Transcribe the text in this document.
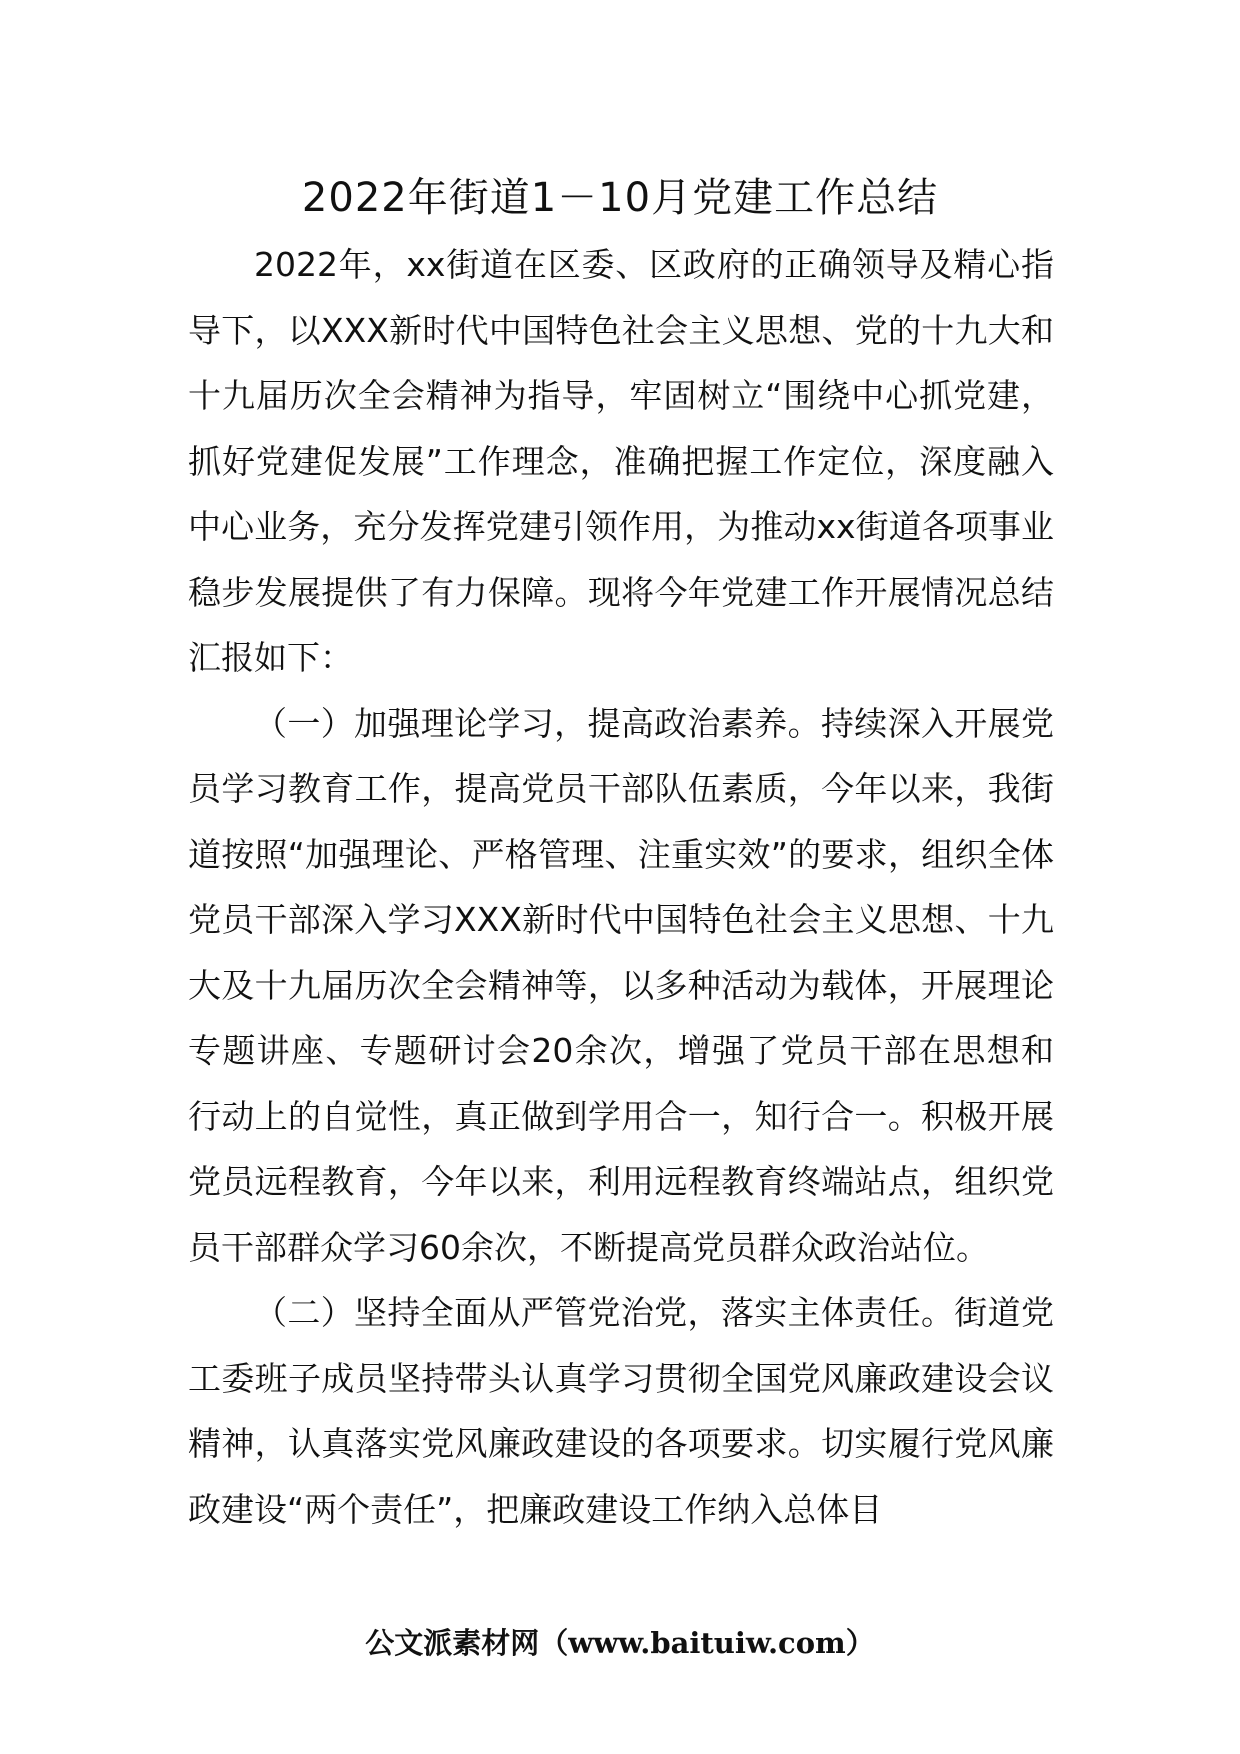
2022年街道1－10月党建工作总结

2022年，xx街道在区委、区政府的正确领导及精心指导下，以XXX新时代中国特色社会主义思想、党的十九大和十九届历次全会精神为指导，牢固树立“围绕中心抓党建，抓好党建促发展”工作理念，准确把握工作定位，深度融入中心业务，充分发挥党建引领作用，为推动xx街道各项事业稳步发展提供了有力保障。现将今年党建工作开展情况总结汇报如下：

（一）加强理论学习，提高政治素养。持续深入开展党员学习教育工作，提高党员干部队伍素质，今年以来，我街道按照“加强理论、严格管理、注重实效”的要求，组织全体党员干部深入学习XXX新时代中国特色社会主义思想、十九大及十九届历次全会精神等，以多种活动为载体，开展理论专题讲座、专题研讨会20余次，增强了党员干部在思想和行动上的自觉性，真正做到学用合一，知行合一。积极开展党员远程教育，今年以来，利用远程教育终端站点，组织党员干部群众学习60余次，不断提高党员群众政治站位。

（二）坚持全面从严管党治党，落实主体责任。街道党工委班子成员坚持带头认真学习贯彻全国党风廉政建设会议精神，认真落实党风廉政建设的各项要求。切实履行党风廉政建设“两个责任”，把廉政建设工作纳入总体目

公文派素材网（www.baituiw.com）
